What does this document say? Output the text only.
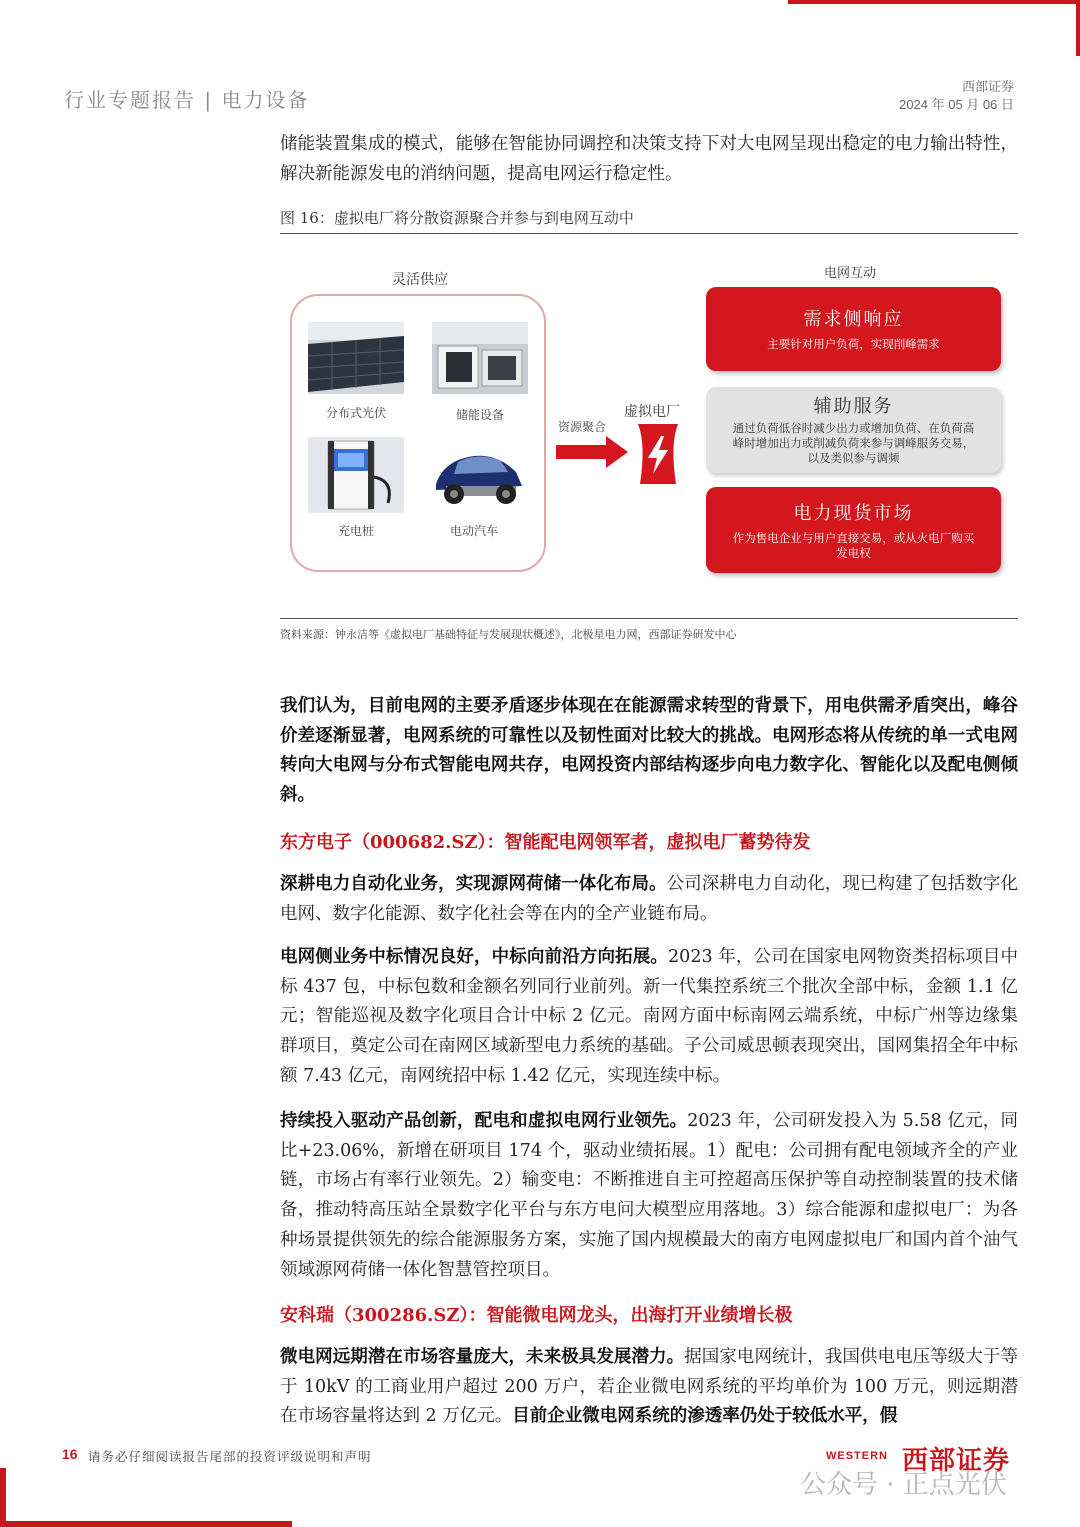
行业专题报告 | 电力设备
西部证券
2024 年 05 月 06 日
储能装置集成的模式，能够在智能协同调控和决策支持下对大电网呈现出稳定的电力输出特性，解决新能源发电的消纳问题，提高电网运行稳定性。
图 16：虚拟电厂将分散资源聚合并参与到电网互动中
灵活供应
分布式光伏	储能设备
充电桩	电动汽车
资源聚合
虚拟电厂
电网互动
需求侧响应
主要针对用户负荷，实现削峰需求
辅助服务
通过负荷低谷时减少出力或增加负荷、在负荷高峰时增加出力或削减负荷来参与调峰服务交易，以及类似参与调频
电力现货市场
作为售电企业与用户直接交易，或从火电厂购买发电权
资料来源：钟永洁等《虚拟电厂基础特征与发展现状概述》，北极星电力网，西部证券研发中心
我们认为，目前电网的主要矛盾逐步体现在在能源需求转型的背景下，用电供需矛盾突出，峰谷价差逐渐显著，电网系统的可靠性以及韧性面对比较大的挑战。电网形态将从传统的单一式电网转向大电网与分布式智能电网共存，电网投资内部结构逐步向电力数字化、智能化以及配电侧倾斜。
东方电子（000682.SZ）：智能配电网领军者，虚拟电厂蓄势待发
深耕电力自动化业务，实现源网荷储一体化布局。公司深耕电力自动化，现已构建了包括数字化电网、数字化能源、数字化社会等在内的全产业链布局。
电网侧业务中标情况良好，中标向前沿方向拓展。2023 年，公司在国家电网物资类招标项目中标 437 包，中标包数和金额名列同行业前列。新一代集控系统三个批次全部中标，金额 1.1 亿元；智能巡视及数字化项目合计中标 2 亿元。南网方面中标南网云端系统，中标广州等边缘集群项目，奠定公司在南网区域新型电力系统的基础。子公司威思顿表现突出，国网集招全年中标额 7.43 亿元，南网统招中标 1.42 亿元，实现连续中标。
持续投入驱动产品创新，配电和虚拟电网行业领先。2023 年，公司研发投入为 5.58 亿元，同比+23.06%，新增在研项目 174 个，驱动业绩拓展。1）配电：公司拥有配电领域齐全的产业链，市场占有率行业领先。2）输变电：不断推进自主可控超高压保护等自动控制装置的技术储备，推动特高压站全景数字化平台与东方电问大模型应用落地。3）综合能源和虚拟电厂：为各种场景提供领先的综合能源服务方案，实施了国内规模最大的南方电网虚拟电厂和国内首个油气领域源网荷储一体化智慧管控项目。
安科瑞（300286.SZ）：智能微电网龙头，出海打开业绩增长极
微电网远期潜在市场容量庞大，未来极具发展潜力。据国家电网统计，我国供电电压等级大于等于 10kV 的工商业用户超过 200 万户，若企业微电网系统的平均单价为 100 万元，则远期潜在市场容量将达到 2 万亿元。目前企业微电网系统的渗透率仍处于较低水平，假
16 请务必仔细阅读报告尾部的投资评级说明和声明	WESTERN 西部证券
公众号 · 正点光伏
